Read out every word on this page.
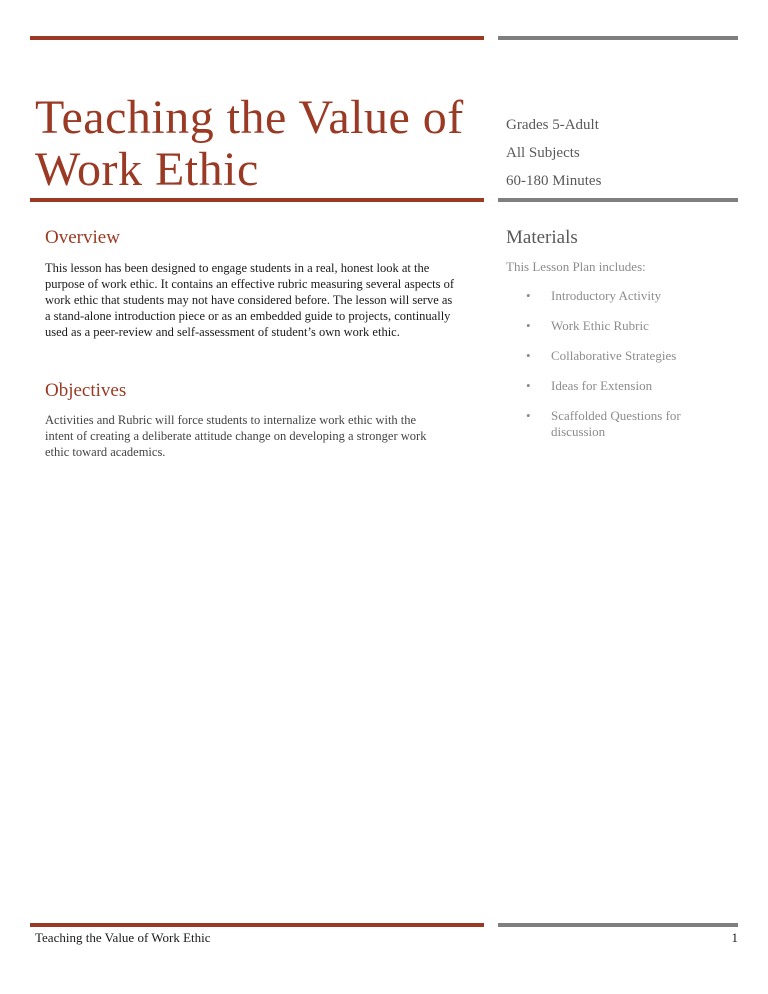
Teaching the Value of Work Ethic
Grades 5-Adult
All Subjects
60-180 Minutes
Overview

This lesson has been designed to engage students in a real, honest look at the purpose of work ethic. It contains an effective rubric measuring several aspects of work ethic that students may not have considered before. The lesson will serve as a stand-alone introduction piece or as an embedded guide to projects, continually used as a peer-review and self-assessment of student’s own work ethic.

Objectives

Activities and Rubric will force students to internalize work ethic with the intent of creating a deliberate attitude change on developing a stronger work ethic toward academics.

Materials

This Lesson Plan includes:

• Introductory Activity
• Work Ethic Rubric
• Collaborative Strategies
• Ideas for Extension
• Scaffolded Questions for discussion
Teaching the Value of Work Ethic	1
